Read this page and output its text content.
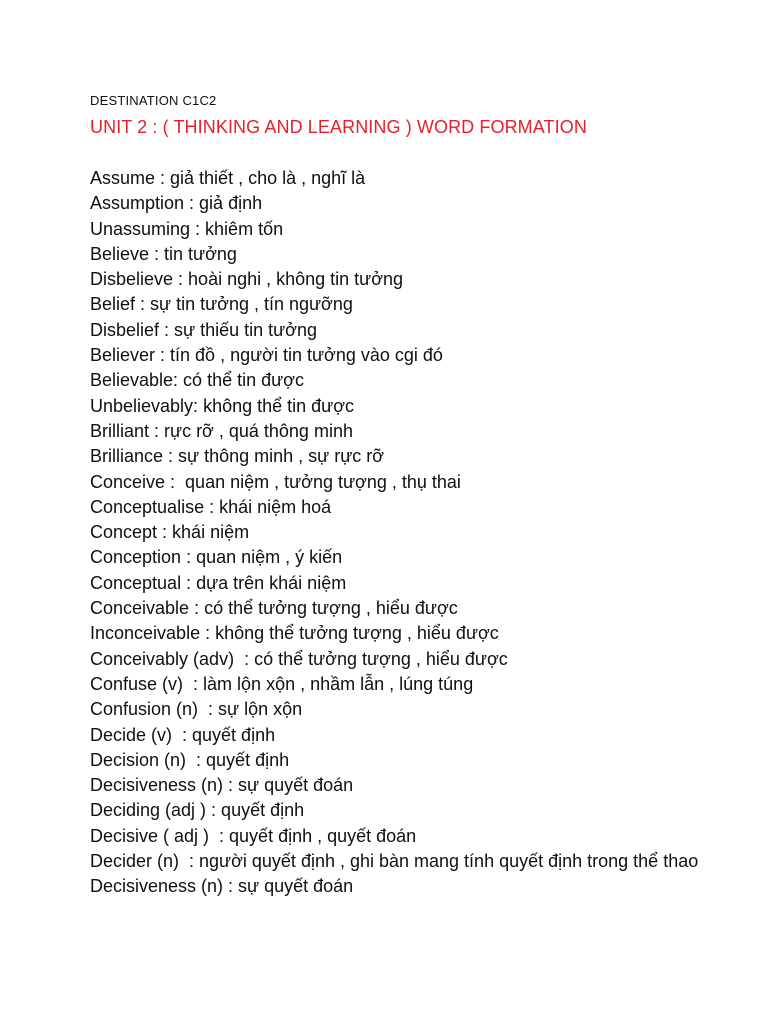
DESTINATION C1C2
UNIT 2 : ( THINKING AND LEARNING ) WORD FORMATION
Assume : giả thiết , cho là , nghĩ là
Assumption : giả định
Unassuming : khiêm tốn
Believe : tin tưởng
Disbelieve : hoài nghi , không tin tưởng
Belief : sự tin tưởng , tín ngưỡng
Disbelief : sự thiếu tin tưởng
Believer : tín đồ , người tin tưởng vào cgi đó
Believable: có thể tin được
Unbelievably: không thể tin được
Brilliant : rực rỡ , quá thông minh
Brilliance : sự thông minh , sự rực rỡ
Conceive :  quan niệm , tưởng tượng , thụ thai
Conceptualise : khái niệm hoá
Concept : khái niệm
Conception : quan niệm , ý kiến
Conceptual : dựa trên khái niệm
Conceivable : có thể tưởng tượng , hiểu được
Inconceivable : không thể tưởng tượng , hiểu được
Conceivably (adv)  : có thể tưởng tượng , hiểu được
Confuse (v)  : làm lộn xộn , nhầm lẫn , lúng túng
Confusion (n)  : sự lộn xộn
Decide (v)  : quyết định
Decision (n)  : quyết định
Decisiveness (n) : sự quyết đoán
Deciding (adj ) : quyết định
Decisive ( adj )  : quyết định , quyết đoán
Decider (n)  : người quyết định , ghi bàn mang tính quyết định trong thể thao
Decisiveness (n) : sự quyết đoán
